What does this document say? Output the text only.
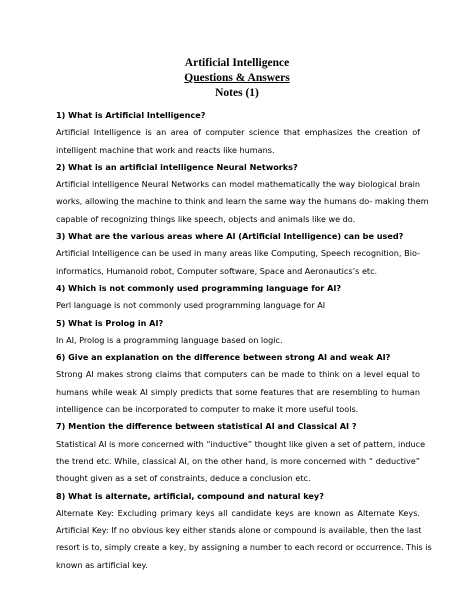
Artificial Intelligence
Questions & Answers
Notes (1)

1) What is Artificial Intelligence?

Artificial Intelligence is an area of computer science that emphasizes the creation of
intelligent machine that work and reacts like humans.

2) What is an artificial intelligence Neural Networks?

Artificial intelligence Neural Networks can model mathematically the way biological brain
works, allowing the machine to think and learn the same way the humans do- making them
capable of recognizing things like speech, objects and animals like we do.

3) What are the various areas where AI (Artificial Intelligence) can be used?

Artificial Intelligence can be used in many areas like Computing, Speech recognition, Bio-
informatics, Humanoid robot, Computer software, Space and Aeronautics’s etc.

4) Which is not commonly used programming language for AI?

Perl language is not commonly used programming language for AI

5) What is Prolog in AI?

In AI, Prolog is a programming language based on logic.

6) Give an explanation on the difference between strong AI and weak AI?

Strong AI makes strong claims that computers can be made to think on a level equal to
humans while weak AI simply predicts that some features that are resembling to human
intelligence can be incorporated to computer to make it more useful tools.

7) Mention the difference between statistical AI and Classical AI ?

Statistical AI is more concerned with “inductive” thought like given a set of pattern, induce
the trend etc. While, classical AI, on the other hand, is more concerned with “ deductive”
thought given as a set of constraints, deduce a conclusion etc.

8) What is alternate, artificial, compound and natural key?

Alternate Key: Excluding primary keys all candidate keys are known as Alternate Keys.
Artificial Key: If no obvious key either stands alone or compound is available, then the last
resort is to, simply create a key, by assigning a number to each record or occurrence. This is
known as artificial key.
